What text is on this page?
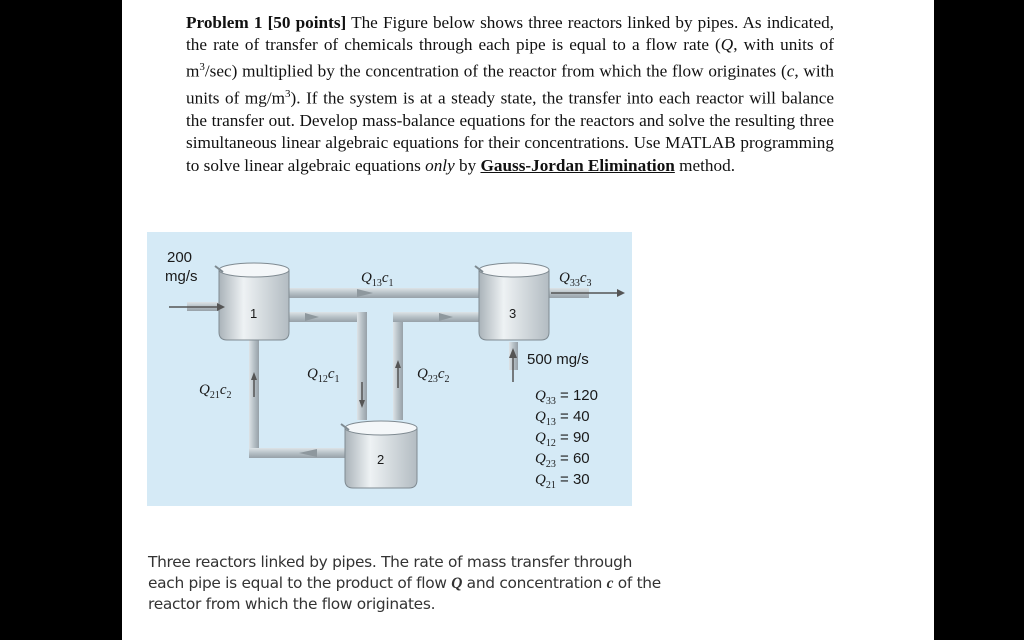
Problem 1 [50 points] The Figure below shows three reactors linked by pipes. As indicated, the rate of transfer of chemicals through each pipe is equal to a flow rate (Q, with units of $m^3/\sec$) multiplied by the concentration of the reactor from which the flow originates (c, with units of $mg/m^3$). If the system is at a steady state, the transfer into each reactor will balance the transfer out. Develop mass-balance equations for the reactors and solve the resulting three simultaneous linear algebraic equations for their concentrations. Use MATLAB programming to solve linear algebraic equations only by Gauss-Jordan Elimination method.

200
mg/s
500 mg/s
1
2
3
$Q_{13}c_1$	$Q_{33}c_3$
$Q_{12}c_1$	$Q_{23}c_2$
$Q_{21}c_2$	$Q_{33} = 120$
$Q_{13} = 40$
$Q_{12} = 90$
$Q_{23} = 60$
$Q_{21} = 30$

Three reactors linked by pipes. The rate of mass transfer through each pipe is equal to the product of flow Q and concentration c of the reactor from which the flow originates.
